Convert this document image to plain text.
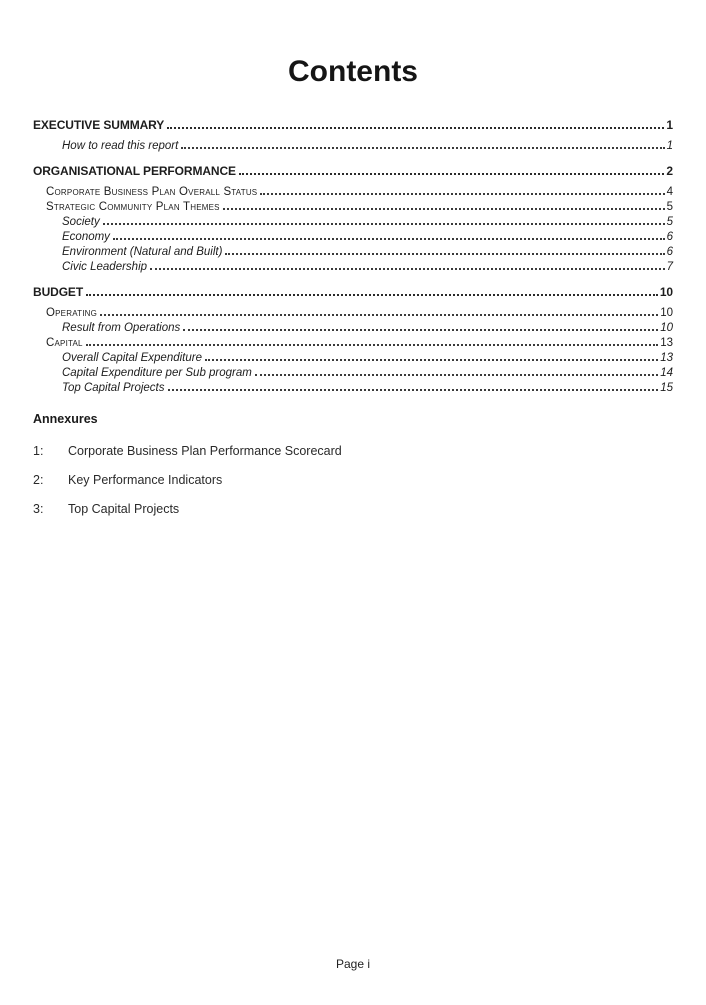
Contents
EXECUTIVE SUMMARY	1
How to read this report	1
ORGANISATIONAL PERFORMANCE	2
Corporate Business Plan Overall Status	4
Strategic Community Plan Themes	5
Society	5
Economy	6
Environment (Natural and Built)	6
Civic Leadership	7
BUDGET	10
Operating	10
Result from Operations	10
Capital	13
Overall Capital Expenditure	13
Capital Expenditure per Sub program	14
Top Capital Projects	15
Annexures
1:	Corporate Business Plan Performance Scorecard
2:	Key Performance Indicators
3:	Top Capital Projects
Page i
